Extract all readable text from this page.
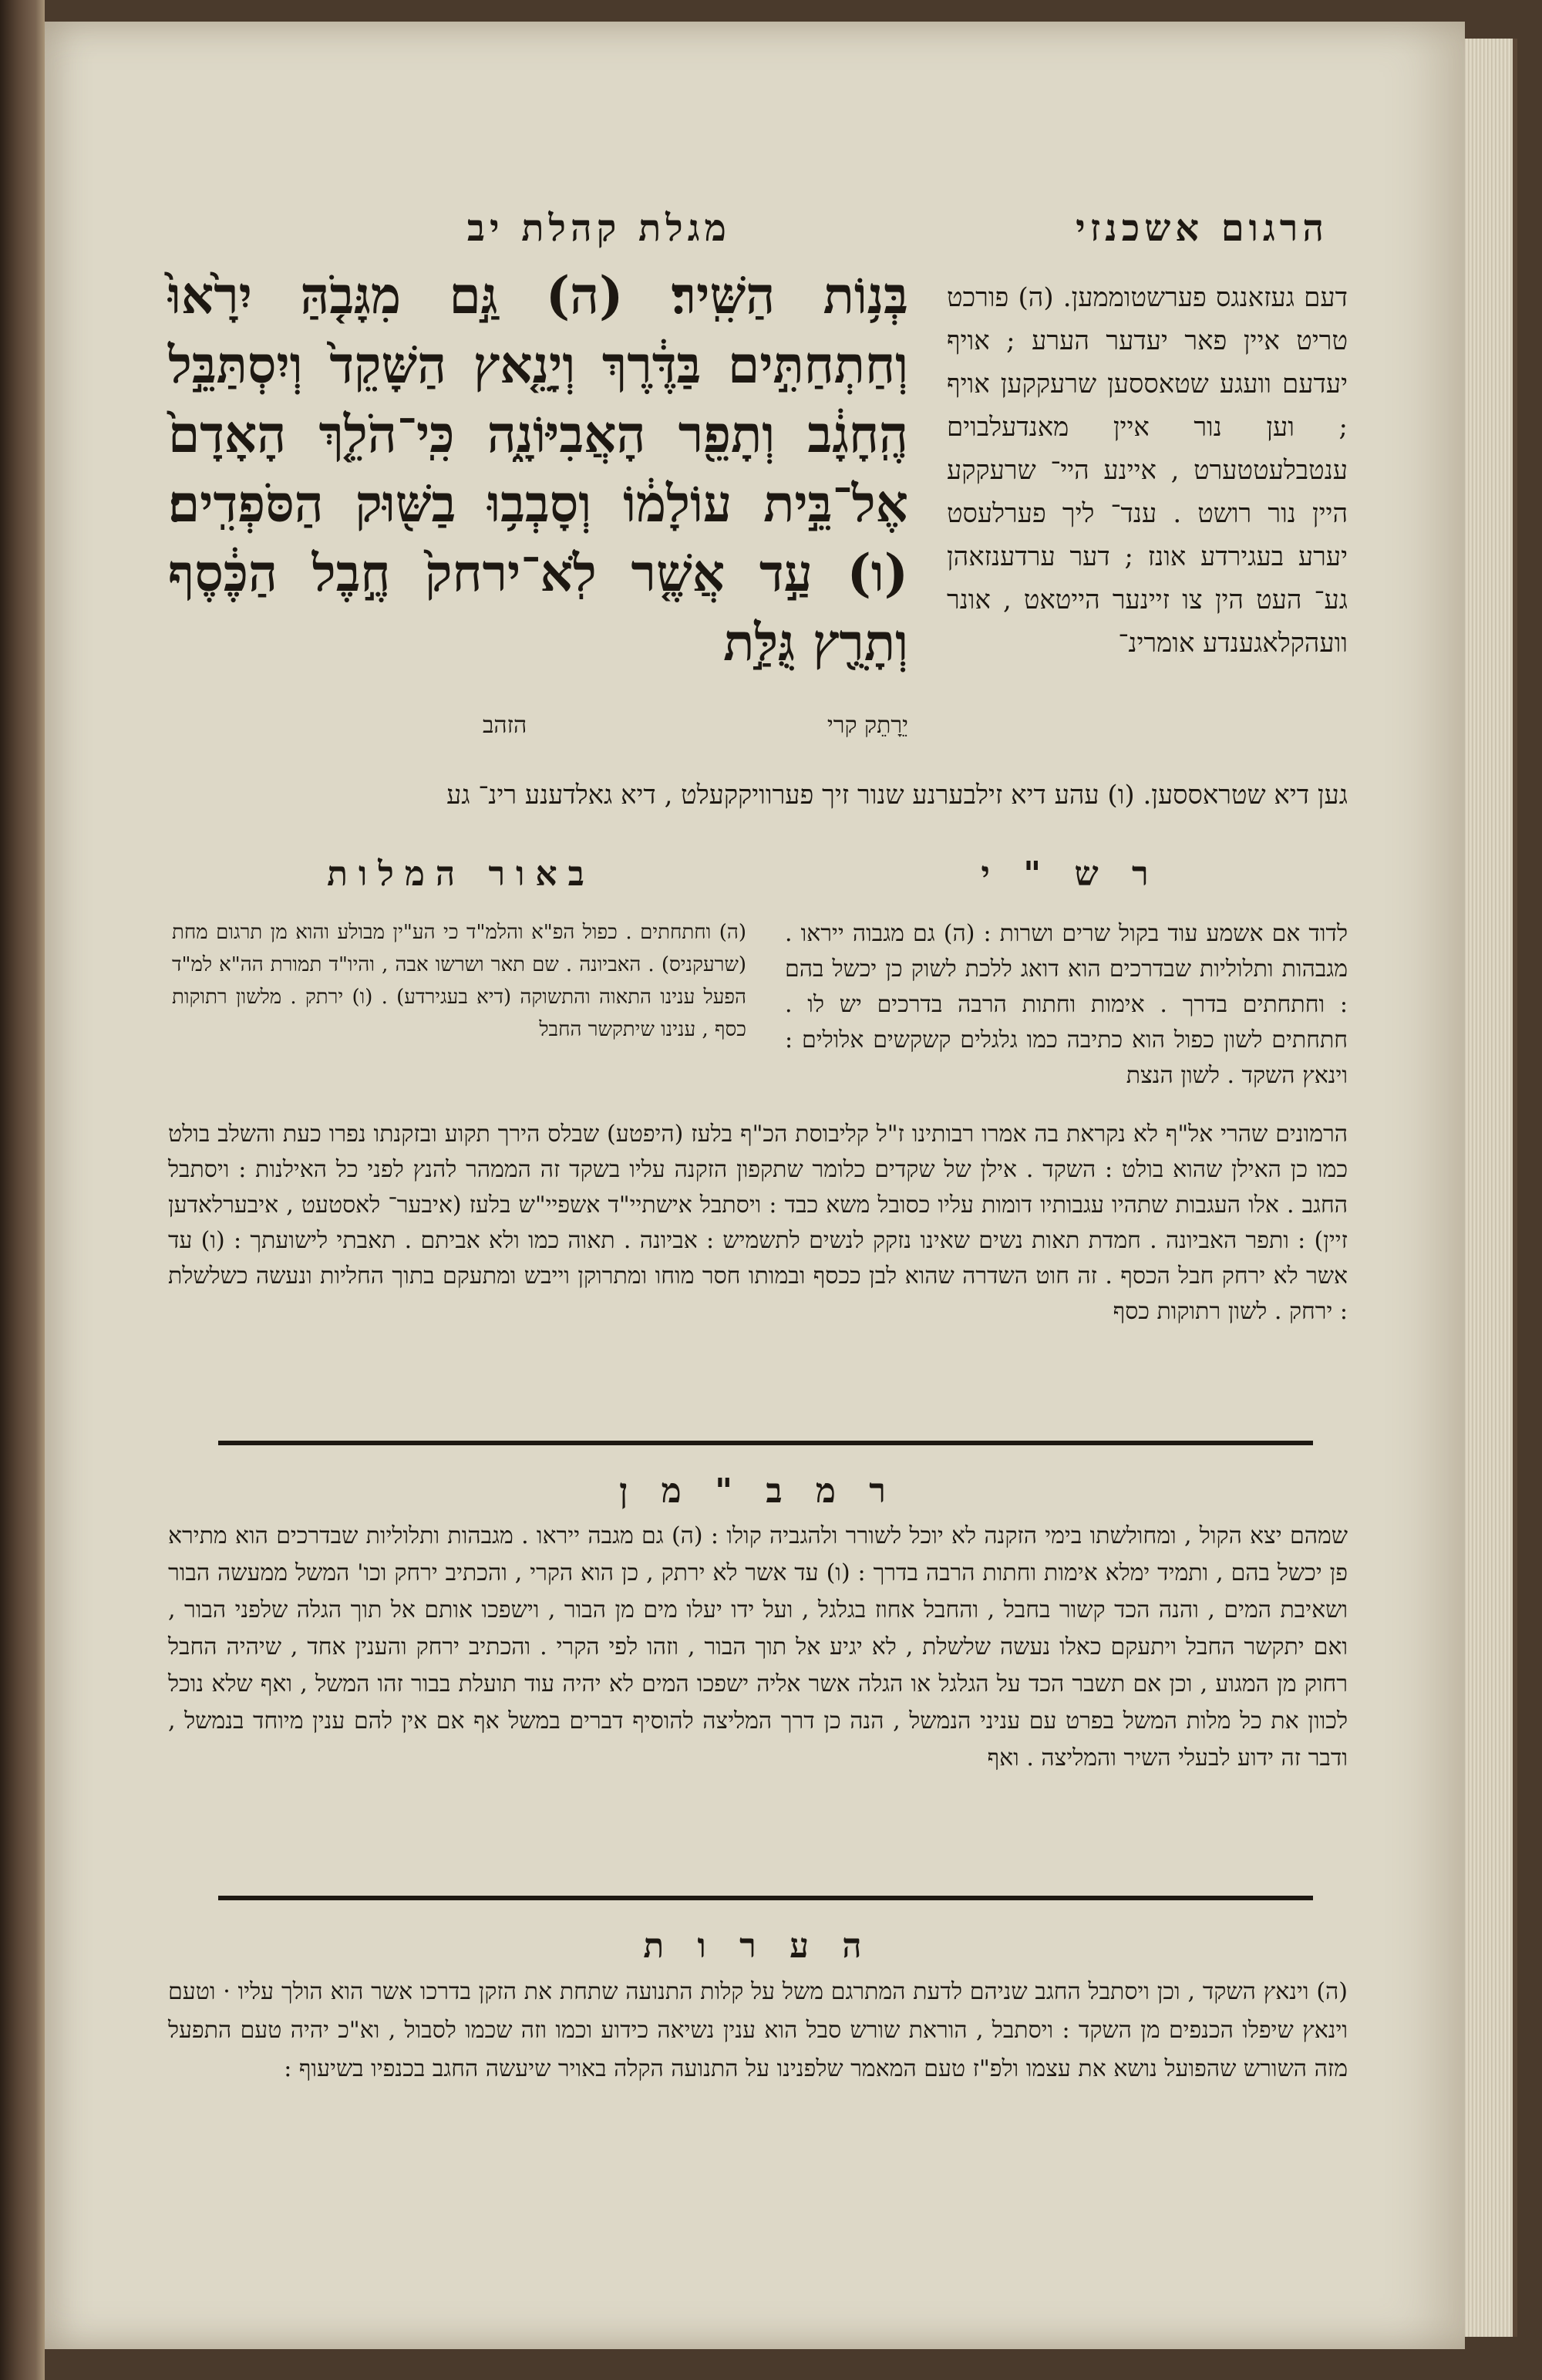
הרגום אשכנזי
מגלת קהלת יב
בְּנ֥וֹת הַשִּֽׁיר׃ (ה) גַּ֣ם מִגָּבֹ֤הַּ יִרָ֙אוּ֙ וְחַתְחַתִּ֣ים בַּדֶּ֔רֶךְ וְיָנֵ֤אץ הַשָּׁקֵד֙ וְיִסְתַּבֵּ֣ל הֶֽחָגָ֔ב וְתָפֵ֖ר הָאֲבִיּוֹנָ֑ה כִּֽי־הֹלֵ֤ךְ הָאָדָם֙ אֶל־בֵּ֣ית עוֹלָמ֔וֹ וְסָבְב֥וּ בַשּׁ֖וּק הַסֹּפְדִֽים׃ (ו) עַ֣ד אֲשֶׁ֤ר לֹֽא־ירחק֙ חֶ֣בֶל הַכֶּ֔סֶף וְתָרֻ֖ץ גֻּלַּ֣ת
יֵרָתֵק קרי הזהב
דעם געזאנגס פערשטוממען. (ה) פורכט טריט איין פאר יעדער הערע ; אויף יעדעם וועגע שטאססען שרעקקען אויף ; וען נור איין מאנדעלבוים ענטבלעטטערט , איינע היי־ שרעקקע היין נור רושט . ענד־ ליך פערלעסט יערע בעגירדע אונז ; דער ערדענזאהן גע־ העט הין צו זיינער הייטאט , אונר וועהקלאגענדע אומרינ־
גען דיא שטראססען. (ו) עהע דיא זילבערנע שנור זיך פערוויקקעלט , דיא גאלדענע רינ־ גע
ר ש " י
באור המלות
לדוד אם אשמע עוד בקול שרים ושרות : (ה) גם מגבוה ייראו . מגבהות ותלוליות שבדרכים הוא דואג ללכת לשוק כן יכשל בהם : וחתחתים בדרך . אימות וחתות הרבה בדרכים יש לו . חתחתים לשון כפול הוא כתיבה כמו גלגלים קשקשים אלולים : וינאץ השקד . לשון הנצת
(ה) וחתחתים . כפול הפ"א והלמ"ד כי הע"ין מבולע והוא מן תרגום מחת (שרעקניס) . האביונה . שם תאר ושרשו אבה , והיו"ד תמורת הה"א למ"ד הפעל ענינו התאוה והתשוקה (דיא בעגירדע) . (ו) ירתק . מלשון רתוקות כסף , ענינו שיתקשר החבל
הרמונים שהרי אל"ף לא נקראת בה אמרו רבותינו ז"ל קליבוסת הכ"ף בלעז (היפטע) שבלס הירך תקוע ובזקנתו נפרו כעת והשלב בולט כמו כן האילן שהוא בולט : השקד . אילן של שקדים כלומר שתקפון הזקנה עליו בשקד זה הממהר להנץ לפני כל האילנות : ויסתבל החגב . אלו העגבות שתהיו עגבותיו דומות עליו כסובל משא כבד : ויסתבל אישתיי"ד אשפיי"ש בלעז (איבער־ לאסטעט , איבערלאדען זיין) : ותפר האביונה . חמדת תאות נשים שאינו נזקק לנשים לתשמיש : אביונה . תאוה כמו ולא אביתם . תאבתי לישועתך : (ו) עד אשר לא ירחק חבל הכסף . זה חוט השדרה שהוא לבן ככסף ובמותו חסר מוחו ומתרוקן וייבש ומתעקם בתוך החליות ונעשה כשלשלת : ירחק . לשון רתוקות כסף
ר מ ב " מ ן
שמהם יצא הקול , ומחולשתו בימי הזקנה לא יוכל לשורר ולהגביה קולו : (ה) גם מגבה ייראו . מגבהות ותלוליות שבדרכים הוא מתירא פן יכשל בהם , ותמיד ימלא אימות וחתות הרבה בדרך : (ו) עד אשר לא ירתק , כן הוא הקרי , והכתיב ירחק וכו' המשל ממעשה הבור ושאיבת המים , והנה הכד קשור בחבל , והחבל אחוז בגלגל , ועל ידו יעלו מים מן הבור , וישפכו אותם אל תוך הגלה שלפני הבור , ואם יתקשר החבל ויתעקם כאלו נעשה שלשלת , לא יגיע אל תוך הבור , וזהו לפי הקרי . והכתיב ירחק והענין אחד , שיהיה החבל רחוק מן המגוע , וכן אם תשבר הכד על הגלגל או הגלה אשר אליה ישפכו המים לא יהיה עוד תועלת בבור זהו המשל , ואף שלא נוכל לכוון את כל מלות המשל בפרט עם עניני הנמשל , הנה כן דרך המליצה להוסיף דברים במשל אף אם אין להם ענין מיוחד בנמשל , ודבר זה ידוע לבעלי השיר והמליצה . ואף
ה ע ר ו ת
(ה) וינאץ השקד , וכן ויסתבל החגב שניהם לדעת המתרגם משל על קלות התנועה שתחת את הזקן בדרכו אשר הוא הולך עליו · וטעם וינאץ שיפלו הכנפים מן השקד : ויסתבל , הוראת שורש סבל הוא ענין נשיאה כידוע וכמו וזה שכמו לסבול , וא"כ יהיה טעם התפעל מזה השורש שהפועל נושא את עצמו ולפ"ז טעם המאמר שלפנינו על התנועה הקלה באויר שיעשה החגב בכנפיו בשיעוף :
